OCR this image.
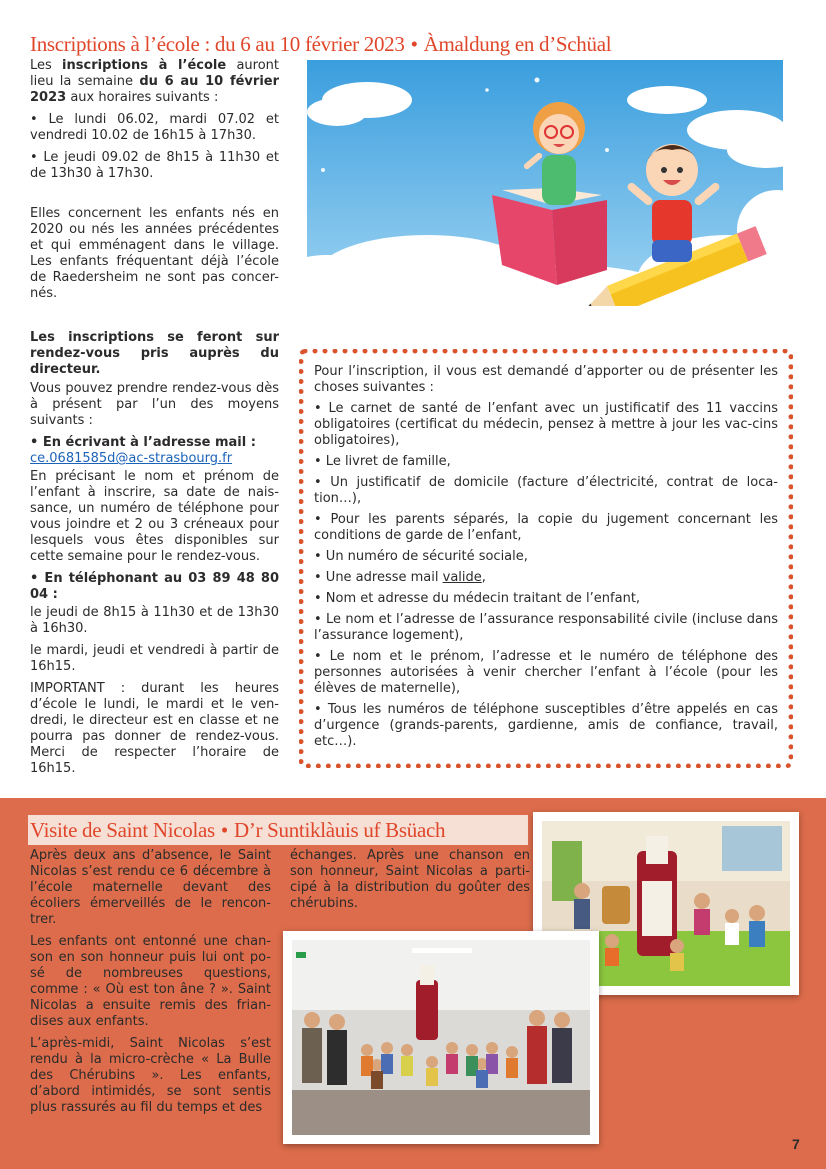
Inscriptions à l’école : du 6 au 10 février 2023 • Àmaldung en d’Schüal

Les inscriptions à l’école auront lieu la semaine du 6 au 10 février 2023 aux horaires suivants :

• Le lundi 06.02, mardi 07.02 et vendredi 10.02 de 16h15 à 17h30.

• Le jeudi 09.02 de 8h15 à 11h30 et de 13h30 à 17h30.

Elles concernent les enfants nés en 2020 ou nés les années précédentes et qui emménagent dans le village. Les enfants fréquentant déjà l’école de Raedersheim ne sont pas concer-nés.

Les inscriptions se feront sur rendez-vous pris auprès du directeur.

Vous pouvez prendre rendez-vous dès à présent par l’un des moyens suivants :

• En écrivant à l’adresse mail :

ce.0681585d@ac-strasbourg.fr

En précisant le nom et prénom de l’enfant à inscrire, sa date de nais-sance, un numéro de téléphone pour vous joindre et 2 ou 3 créneaux pour lesquels vous êtes disponibles sur cette semaine pour le rendez-vous.

• En téléphonant au 03 89 48 80 04 :

le jeudi de 8h15 à 11h30 et de 13h30 à 16h30.

le mardi, jeudi et vendredi à partir de 16h15.

IMPORTANT : durant les heures d’école le lundi, le mardi et le ven-dredi, le directeur est en classe et ne pourra pas donner de rendez-vous. Merci de respecter l’horaire de 16h15.

Pour l’inscription, il vous est demandé d’apporter ou de présenter les choses suivantes :

• Le carnet de santé de l’enfant avec un justificatif des 11 vaccins obligatoires (certificat du médecin, pensez à mettre à jour les vac-cins obligatoires),

• Le livret de famille,

• Un justificatif de domicile (facture d’électricité, contrat de loca-tion…),

• Pour les parents séparés, la copie du jugement concernant les conditions de garde de l’enfant,

• Un numéro de sécurité sociale,

• Une adresse mail valide,

• Nom et adresse du médecin traitant de l’enfant,

• Le nom et l’adresse de l’assurance responsabilité civile (incluse dans l’assurance logement),

• Le nom et le prénom, l’adresse et le numéro de téléphone des personnes autorisées à venir chercher l’enfant à l’école (pour les élèves de maternelle),

• Tous les numéros de téléphone susceptibles d’être appelés en cas d’urgence (grands-parents, gardienne, amis de confiance, travail, etc…).

Visite de Saint Nicolas • D’r Suntiklàuis uf Bsüach

Après deux ans d’absence, le Saint Nicolas s’est rendu ce 6 décembre à l’école maternelle devant des écoliers émerveillés de le rencon-trer.

Les enfants ont entonné une chan-son en son honneur puis lui ont po-sé de nombreuses questions, comme : « Où est ton âne ? ». Saint Nicolas a ensuite remis des frian-dises aux enfants.

L’après-midi, Saint Nicolas s’est rendu à la micro-crèche « La Bulle des Chérubins ». Les enfants, d’abord intimidés, se sont sentis plus rassurés au fil du temps et des

échanges. Après une chanson en son honneur, Saint Nicolas a parti-cipé à la distribution du goûter des chérubins.

7
